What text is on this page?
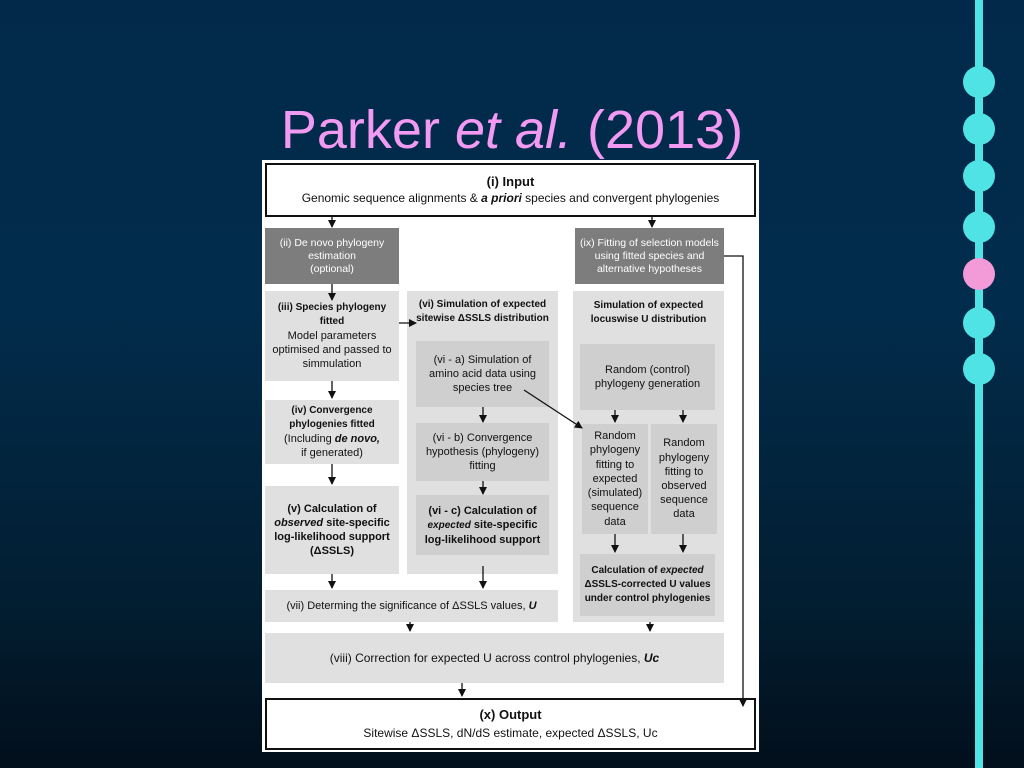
Parker et al. (2013)
(i) Input
Genomic sequence alignments & a priori species and convergent phylogenies
(ii) De novo phylogeny
estimation
(optional)
(ix) Fitting of selection models
using fitted species and
alternative hypotheses
(iii) Species phylogeny fitted
Model parameters
optimised and passed to
simmulation
(iv) Convergence
phylogenies fitted
(Including de novo,
if generated)
(v) Calculation of
observed site-specific
log-likelihood support
(ΔSSLS)
(vi) Simulation of expected
sitewise ΔSSLS distribution
(vi - a) Simulation of
amino acid data using
species tree
(vi - b) Convergence
hypothesis (phylogeny)
fitting
(vi - c) Calculation of
expected site-specific
log-likelihood support
Simulation of expected
locuswise U distribution
Random (control)
phylogeny generation
Random
phylogeny
fitting to
expected
(simulated)
sequence
data
Random
phylogeny
fitting to
observed
sequence
data
Calculation of expected
ΔSSLS-corrected U values
under control phylogenies
(vii) Determing the significance of ΔSSLS values, U
(viii) Correction for expected U across control phylogenies, Uc
(x) Output
Sitewise ΔSSLS, dN/dS estimate, expected ΔSSLS, Uc
